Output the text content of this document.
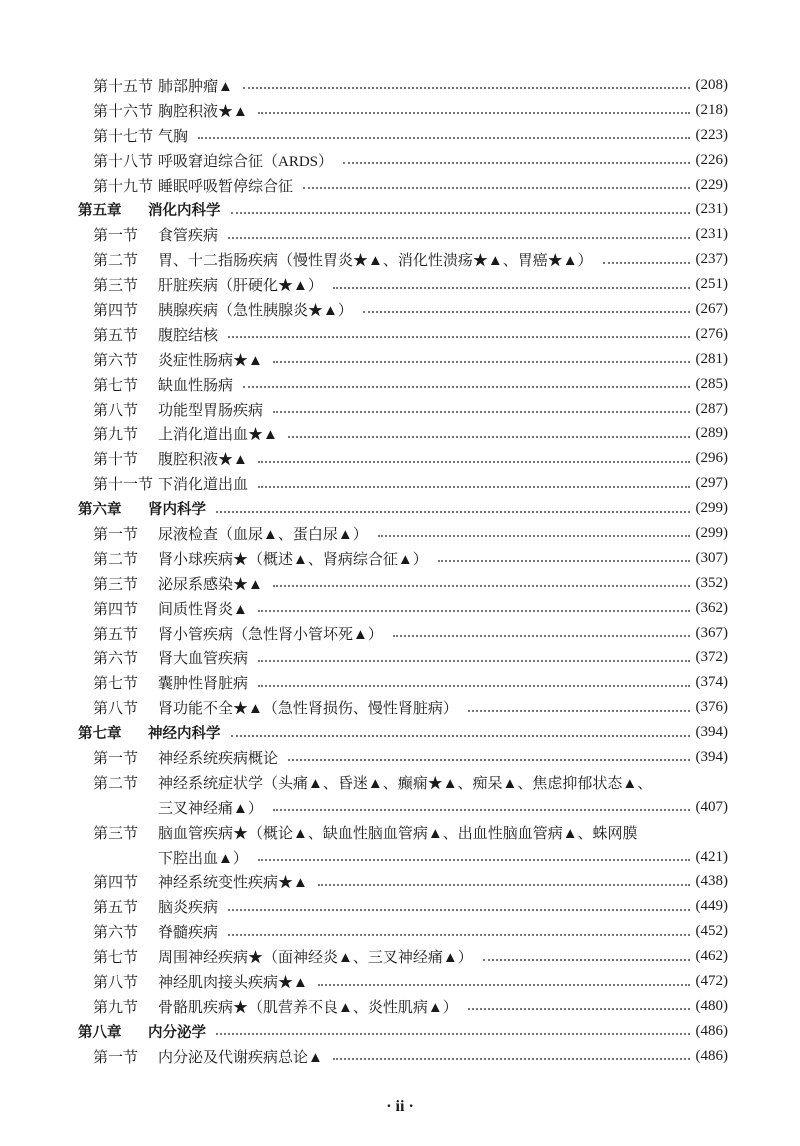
第十五节 肺部肿瘤▲	(208)
第十六节 胸腔积液★▲	(218)
第十七节 气胸	(223)
第十八节 呼吸窘迫综合征（ARDS）	(226)
第十九节 睡眠呼吸暂停综合征	(229)
第五章	消化内科学	(231)
第一节	食管疾病	(231)
第二节	胃、十二指肠疾病（慢性胃炎★▲、消化性溃疡★▲、胃癌★▲）	(237)
第三节	肝脏疾病（肝硬化★▲）	(251)
第四节	胰腺疾病（急性胰腺炎★▲）	(267)
第五节	腹腔结核	(276)
第六节	炎症性肠病★▲	(281)
第七节	缺血性肠病	(285)
第八节	功能型胃肠疾病	(287)
第九节	上消化道出血★▲	(289)
第十节	腹腔积液★▲	(296)
第十一节 下消化道出血	(297)
第六章	肾内科学	(299)
第一节	尿液检查（血尿▲、蛋白尿▲）	(299)
第二节	肾小球疾病★（概述▲、肾病综合征▲）	(307)
第三节	泌尿系感染★▲	(352)
第四节	间质性肾炎▲	(362)
第五节	肾小管疾病（急性肾小管坏死▲）	(367)
第六节	肾大血管疾病	(372)
第七节	囊肿性肾脏病	(374)
第八节	肾功能不全★▲（急性肾损伤、慢性肾脏病）	(376)
第七章	神经内科学	(394)
第一节	神经系统疾病概论	(394)
第二节	神经系统症状学（头痛▲、昏迷▲、癫痫★▲、痴呆▲、焦虑抑郁状态▲、
三叉神经痛▲）	(407)
第三节	脑血管疾病★（概论▲、缺血性脑血管病▲、出血性脑血管病▲、蛛网膜
下腔出血▲）	(421)
第四节	神经系统变性疾病★▲	(438)
第五节	脑炎疾病	(449)
第六节	脊髓疾病	(452)
第七节	周围神经疾病★（面神经炎▲、三叉神经痛▲）	(462)
第八节	神经肌肉接头疾病★▲	(472)
第九节	骨骼肌疾病★（肌营养不良▲、炎性肌病▲）	(480)
第八章	内分泌学	(486)
第一节	内分泌及代谢疾病总论▲	(486)
· ii ·
